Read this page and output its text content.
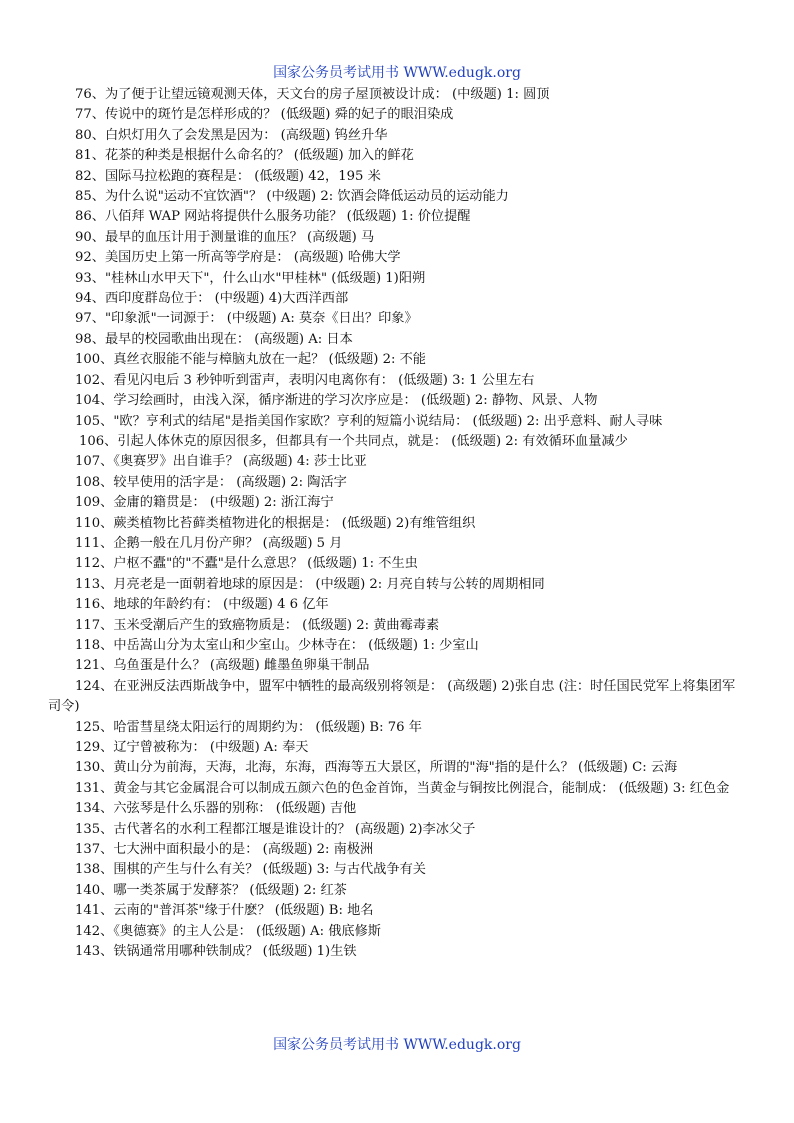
国家公务员考试用书 WWW.edugk.org

76、为了便于让望远镜观测天体，天文台的房子屋顶被设计成： (中级题) 1: 圆顶

77、传说中的斑竹是怎样形成的？ (低级题) 舜的妃子的眼泪染成

80、白炽灯用久了会发黑是因为： (高级题) 钨丝升华

81、花茶的种类是根据什么命名的？ (低级题) 加入的鲜花

82、国际马拉松跑的赛程是： (低级题) 42，195 米

85、为什么说"运动不宜饮酒"？ (中级题) 2: 饮酒会降低运动员的运动能力

86、八佰拜 WAP 网站将提供什么服务功能？ (低级题) 1: 价位提醒

90、最早的血压计用于测量谁的血压？ (高级题) 马

92、美国历史上第一所高等学府是： (高级题) 哈佛大学

93、"桂林山水甲天下"，什么山水"甲桂林" (低级题) 1)阳朔

94、西印度群岛位于： (中级题) 4)大西洋西部

97、"印象派"一词源于： (中级题) A: 莫奈《日出？印象》

98、最早的校园歌曲出现在： (高级题) A: 日本

100、真丝衣服能不能与樟脑丸放在一起？ (低级题) 2: 不能

102、看见闪电后 3 秒钟听到雷声，表明闪电离你有： (低级题) 3: 1 公里左右

104、学习绘画时，由浅入深，循序渐进的学习次序应是： (低级题) 2: 静物、风景、人物

105、"欧？亨利式的结尾"是指美国作家欧？亨利的短篇小说结局： (低级题) 2: 出乎意料、耐人寻味

106、引起人体休克的原因很多，但都具有一个共同点，就是： (低级题) 2: 有效循环血量减少

107、《奥赛罗》出自谁手？ (高级题) 4: 莎士比亚

108、较早使用的活字是： (高级题) 2: 陶活字

109、金庸的籍贯是： (中级题) 2: 浙江海宁

110、蕨类植物比苔藓类植物进化的根据是： (低级题) 2)有维管组织

111、企鹅一般在几月份产卵？ (高级题) 5 月

112、户枢不蠹"的"不蠹"是什么意思？ (低级题) 1: 不生虫

113、月亮老是一面朝着地球的原因是： (中级题) 2: 月亮自转与公转的周期相同

116、地球的年龄约有： (中级题) 4 6 亿年

117、玉米受潮后产生的致癌物质是： (低级题) 2: 黄曲霉毒素

118、中岳嵩山分为太室山和少室山。少林寺在： (低级题) 1: 少室山

121、乌鱼蛋是什么？ (高级题) 雌墨鱼卵巢干制品

124、在亚洲反法西斯战争中，盟军中牺牲的最高级别将领是： (高级题) 2)张自忠 (注：时任国民党军上将集团军司令)

125、哈雷彗星绕太阳运行的周期约为： (低级题) B: 76 年

129、辽宁曾被称为： (中级题) A: 奉天

130、黄山分为前海，天海，北海，东海，西海等五大景区，所谓的"海"指的是什么？ (低级题) C: 云海

131、黄金与其它金属混合可以制成五颜六色的色金首饰，当黄金与铜按比例混合，能制成： (低级题) 3: 红色金

134、六弦琴是什么乐器的别称： (低级题) 吉他

135、古代著名的水利工程都江堰是谁设计的？ (高级题) 2)李冰父子

137、七大洲中面积最小的是： (高级题) 2: 南极洲

138、围棋的产生与什么有关？ (低级题) 3: 与古代战争有关

140、哪一类茶属于发酵茶？ (低级题) 2: 红茶

141、云南的"普洱茶"缘于什麽？ (低级题) B: 地名

142、《奥德赛》的主人公是： (低级题) A: 俄底修斯

143、铁锅通常用哪种铁制成？ (低级题) 1)生铁

国家公务员考试用书 WWW.edugk.org
